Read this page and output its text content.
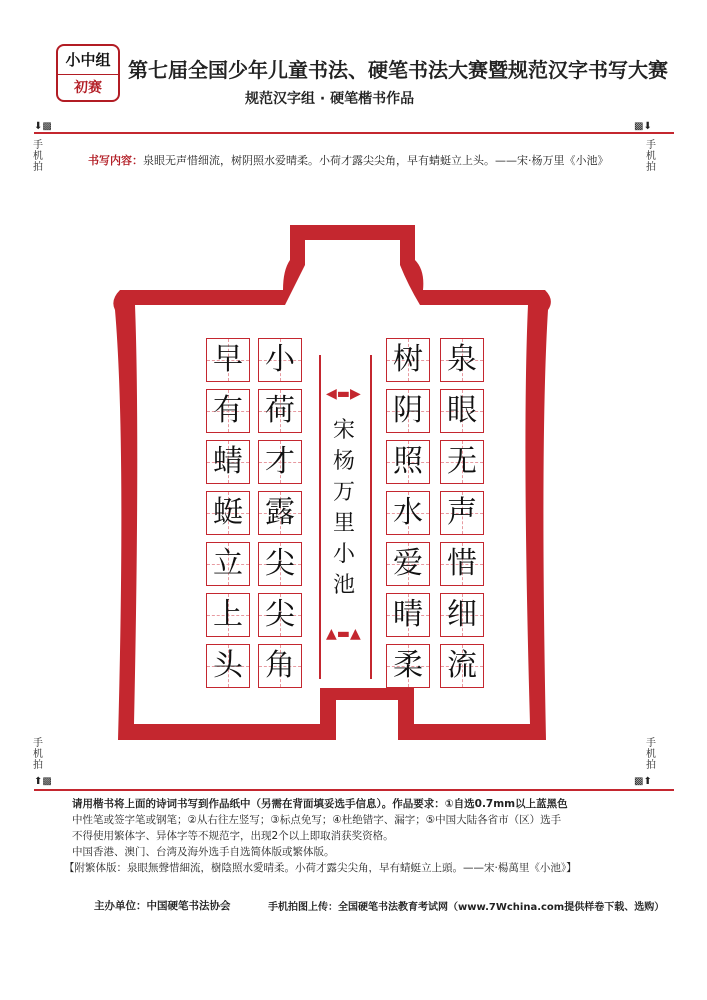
小中组
初赛
第七届全国少年儿童书法、硬笔书法大赛暨规范汉字书写大赛
规范汉字组 · 硬笔楷书作品
⬇▩
手机拍
▩⬇
手机拍
书写内容：泉眼无声惜细流，树阴照水爱晴柔。小荷才露尖尖角，早有蜻蜓立上头。——宋·杨万里《小池》
◀▬▶
▲▬▲
宋杨万里小池
泉
眼
无
声
惜
细
流
树
阴
照
水
爱
晴
柔
小
荷
才
露
尖
尖
角
早
有
蜻
蜓
立
上
头
手机拍
⬆▩
手机拍
▩⬆
请用楷书将上面的诗词书写到作品纸中（另需在背面填妥选手信息）。作品要求：①自选0.7mm以上蓝黑色
中性笔或签字笔或钢笔；②从右往左竖写；③标点免写；④杜绝错字、漏字；⑤中国大陆各省市（区）选手
不得使用繁体字、异体字等不规范字，出现2个以上即取消获奖资格。
中国香港、澳门、台湾及海外选手自选简体版或繁体版。
【附繁体版：泉眼無聲惜細流，樹陰照水愛晴柔。小荷才露尖尖角，早有蜻蜓立上頭。——宋·楊萬里《小池》】
主办单位：中国硬笔书法协会	手机拍图上传：全国硬笔书法教育考试网（www.7Wchina.com提供样卷下载、选购）
